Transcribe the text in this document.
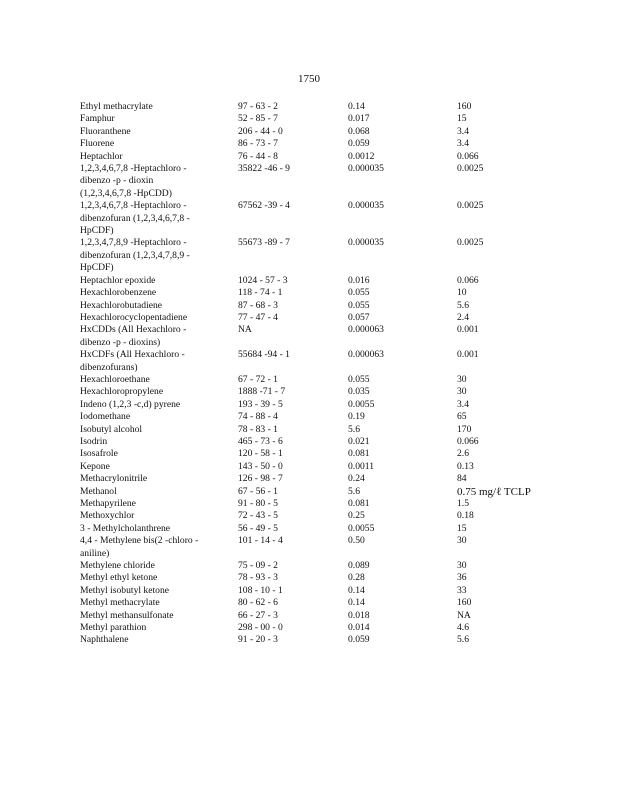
1750
Ethyl methacrylate	97 - 63 - 2	0.14	160
Famphur	52 - 85 - 7	0.017	15
Fluoranthene	206 - 44 - 0	0.068	3.4
Fluorene	86 - 73 - 7	0.059	3.4
Heptachlor	76 - 44 - 8	0.0012	0.066
1,2,3,4,6,7,8 -Heptachloro -
dibenzo -p - dioxin
(1,2,3,4,6,7,8 -HpCDD)
35822 -46 - 9	0.000035	0.0025
1,2,3,4,6,7,8 -Heptachloro -
dibenzofuran (1,2,3,4,6,7,8 -
HpCDF)
67562 -39 - 4	0.000035	0.0025
1,2,3,4,7,8,9 -Heptachloro -
dibenzofuran (1,2,3,4,7,8,9 -
HpCDF)
55673 -89 - 7	0.000035	0.0025
Heptachlor epoxide	1024 - 57 - 3	0.016	0.066
Hexachlorobenzene	118 - 74 - 1	0.055	10
Hexachlorobutadiene	87 - 68 - 3	0.055	5.6
Hexachlorocyclopentadiene	77 - 47 - 4	0.057	2.4
HxCDDs (All Hexachloro -
dibenzo -p - dioxins)
NA	0.000063	0.001
HxCDFs (All Hexachloro -
dibenzofurans)
55684 -94 - 1	0.000063	0.001
Hexachloroethane	67 - 72 - 1	0.055	30
Hexachloropropylene	1888 -71 - 7	0.035	30
Indeno (1,2,3 -c,d) pyrene	193 - 39 - 5	0.0055	3.4
Iodomethane	74 - 88 - 4	0.19	65
Isobutyl alcohol	78 - 83 - 1	5.6	170
Isodrin	465 - 73 - 6	0.021	0.066
Isosafrole	120 - 58 - 1	0.081	2.6
Kepone	143 - 50 - 0	0.0011	0.13
Methacrylonitrile	126 - 98 - 7	0.24	84
Methanol	67 - 56 - 1	5.6	0.75 mg/ℓ TCLP
Methapyrilene	91 - 80 - 5	0.081	1.5
Methoxychlor	72 - 43 - 5	0.25	0.18
3 - Methylcholanthrene	56 - 49 - 5	0.0055	15
4,4 - Methylene bis(2 -chloro -
aniline)
101 - 14 - 4	0.50	30
Methylene chloride	75 - 09 - 2	0.089	30
Methyl ethyl ketone	78 - 93 - 3	0.28	36
Methyl isobutyl ketone	108 - 10 - 1	0.14	33
Methyl methacrylate	80 - 62 - 6	0.14	160
Methyl methansulfonate	66 - 27 - 3	0.018	NA
Methyl parathion	298 - 00 - 0	0.014	4.6
Naphthalene	91 - 20 - 3	0.059	5.6
